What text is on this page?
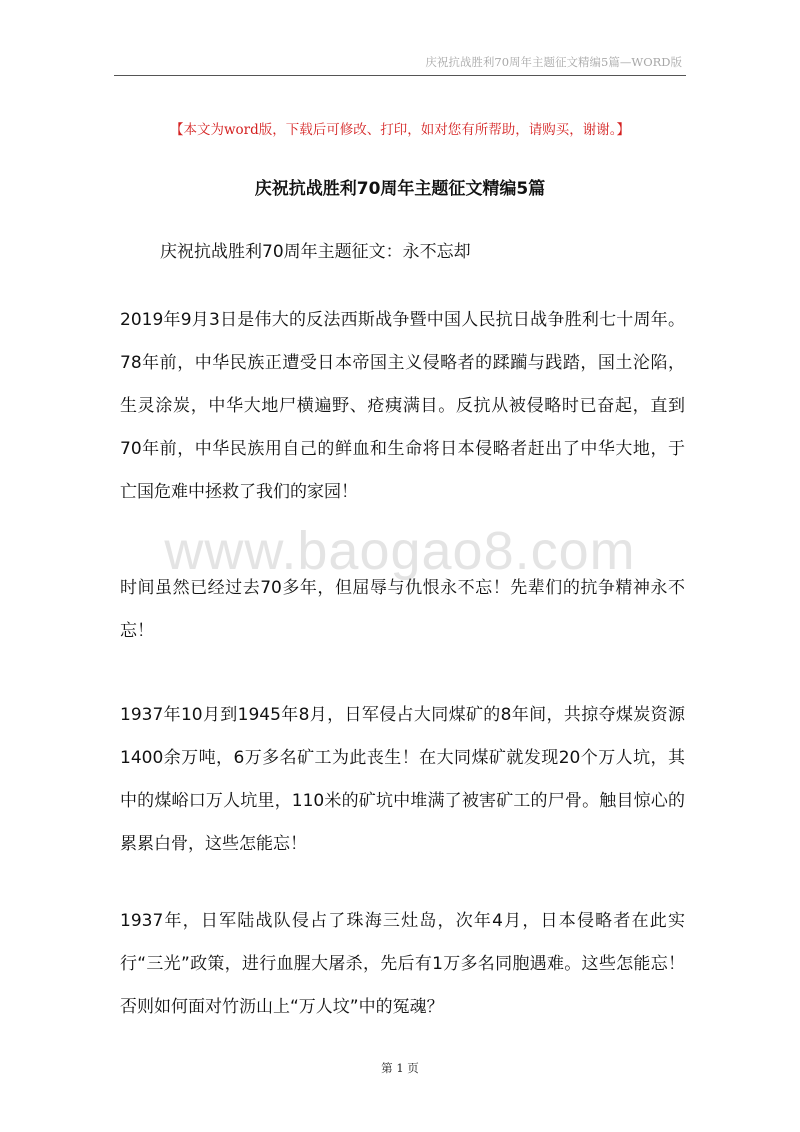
庆祝抗战胜利70周年主题征文精编5篇—WORD版
【本文为word版，下载后可修改、打印，如对您有所帮助，请购买，谢谢。】
庆祝抗战胜利70周年主题征文精编5篇
庆祝抗战胜利70周年主题征文：永不忘却
www.baogao8.com
2019年9月3日是伟大的反法西斯战争暨中国人民抗日战争胜利七十周年。78年前，中华民族正遭受日本帝国主义侵略者的蹂躏与践踏，国土沦陷，生灵涂炭，中华大地尸横遍野、疮痍满目。反抗从被侵略时已奋起，直到70年前，中华民族用自己的鲜血和生命将日本侵略者赶出了中华大地，于亡国危难中拯救了我们的家园！
时间虽然已经过去70多年，但屈辱与仇恨永不忘！先辈们的抗争精神永不忘！
1937年10月到1945年8月，日军侵占大同煤矿的8年间，共掠夺煤炭资源1400余万吨，6万多名矿工为此丧生！在大同煤矿就发现20个万人坑，其中的煤峪口万人坑里，110米的矿坑中堆满了被害矿工的尸骨。触目惊心的累累白骨，这些怎能忘！
1937年，日军陆战队侵占了珠海三灶岛，次年4月，日本侵略者在此实行“三光”政策，进行血腥大屠杀，先后有1万多名同胞遇难。这些怎能忘！否则如何面对竹沥山上“万人坟”中的冤魂？
第 1 页
